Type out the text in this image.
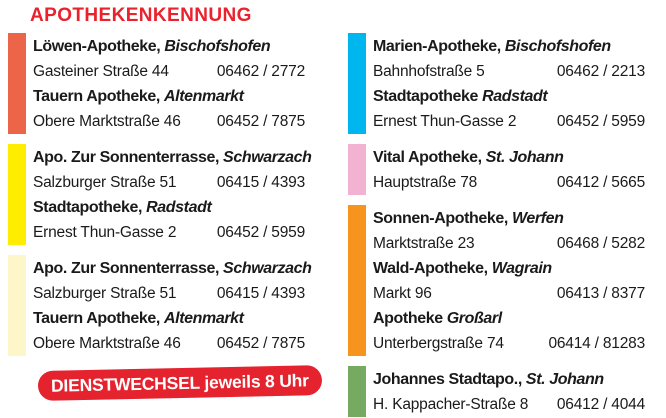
APOTHEKENKENNUNG
Löwen-Apotheke, Bischofshofen
Gasteiner Straße 44	06462 / 2772
Tauern Apotheke, Altenmarkt
Obere Marktstraße 46 06452 / 7875
Apo. Zur Sonnenterrasse, Schwarzach
Salzburger Straße 51	06415 / 4393
Stadtapotheke, Radstadt
Ernest Thun-Gasse 2	06452 / 5959
Apo. Zur Sonnenterrasse, Schwarzach
Salzburger Straße 51	06415 / 4393
Tauern Apotheke, Altenmarkt
Obere Marktstraße 46 06452 / 7875
Marien-Apotheke, Bischofshofen
Bahnhofstraße 5	06462 / 2213
Stadtapotheke Radstadt
Ernest Thun-Gasse 2	06452 / 5959
Vital Apotheke, St. Johann
Hauptstraße 78	06412 / 5665
Sonnen-Apotheke, Werfen
Marktstraße 23	06468 / 5282
Wald-Apotheke, Wagrain
Markt 96	06413 / 8377
Apotheke Großarl
Unterbergstraße 74	06414 / 81283
Johannes Stadtapo., St. Johann
H. Kappacher-Straße 8 06412 / 4044
DIENSTWECHSEL jeweils 8 Uhr
